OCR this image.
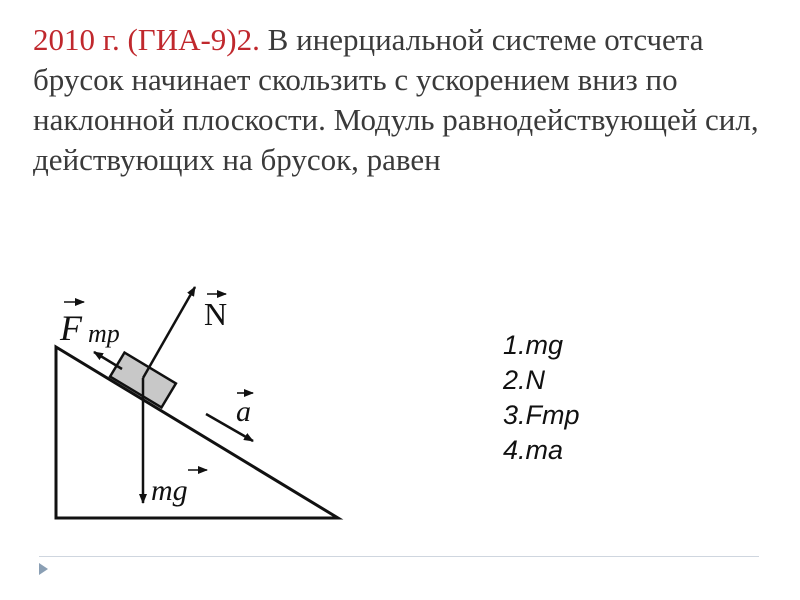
2010 г. (ГИА-9)2. В инерциальной системе отсчета брусок начинает скользить с ускорением вниз по наклонной плоскости. Модуль равнодействующей сил, действующих на брусок, равен

N
mg
F тр
a
1.mg
2.N
3.Fmp
4.ma
